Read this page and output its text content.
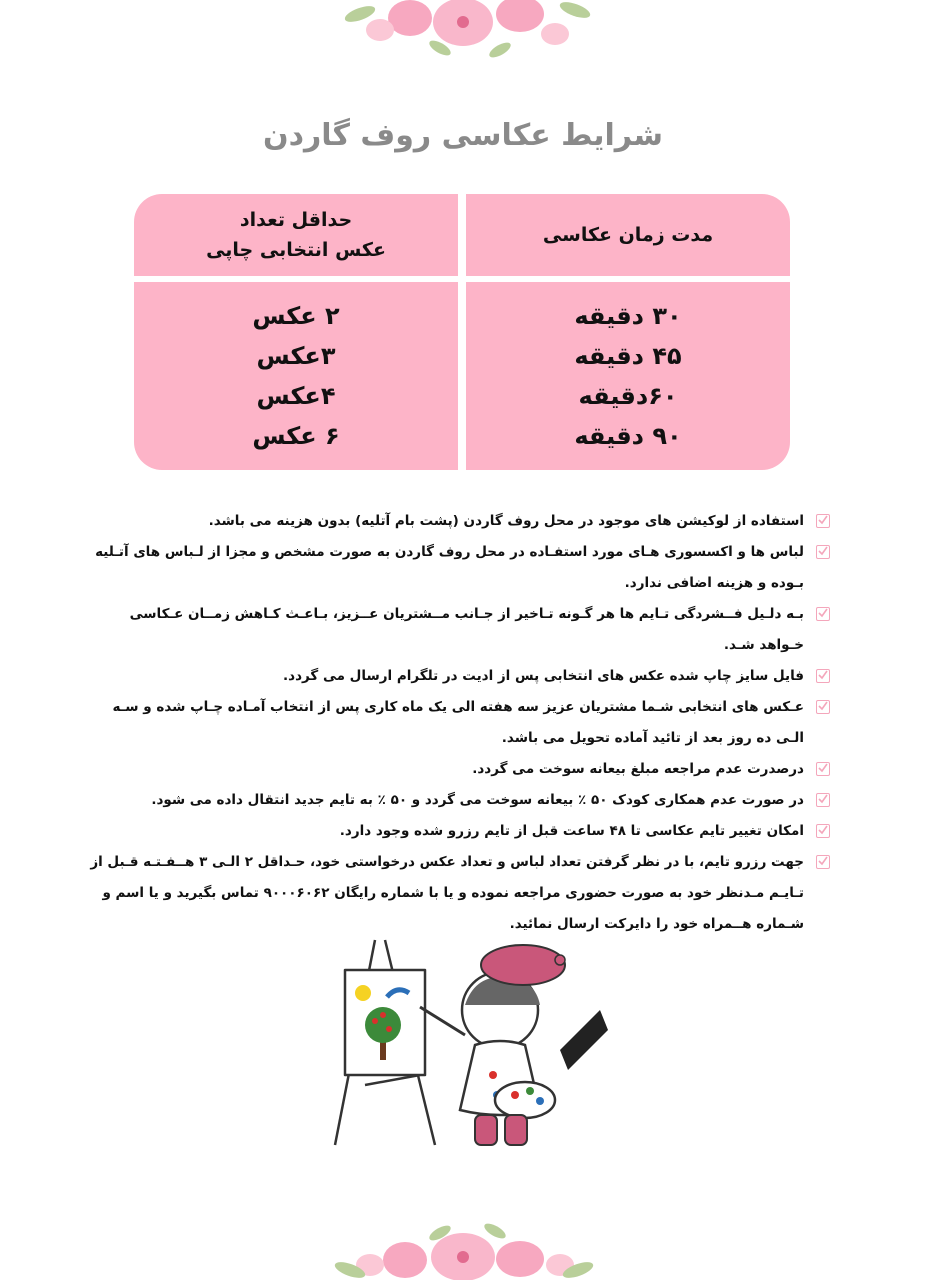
شرایط عکاسی روف گاردن
مدت زمان عکاسی
حداقل تعداد
عکس انتخابی چاپی
۳۰ دقیقه
۴۵ دقیقه
۶۰دقیقه
۹۰ دقیقه
۲ عکس
۳عکس
۴عکس
۶ عکس
استفاده از لوکیشن های موجود در محل روف گاردن (پشت بام آتلیه) بدون هزینه می باشد.
لباس ها و اکسسوری هـای مورد استفـاده در محل روف گاردن به صورت مشخص و مجزا از لـباس های آتـلیه بـوده و هزینه اضافی ندارد.
بـه دلـیل فــشردگی تـایم ها هر گـونه تـاخیر از جـانب مــشتریان عــزیز، بـاعـث کـاهش زمــان عـکاسی خـواهد شـد.
فایل سایز چاپ شده عکس های انتخابی پس از ادیت در تلگرام ارسال می گردد.
عـکس های انتخابی شـما مشتریان عزیز سه هفته الی یک ماه کاری پس از انتخاب آمـاده چـاپ شده و سـه الـی ده روز بعد از تائید آماده تحویل می باشد.
درصدرت عدم مراجعه مبلغ بیعانه سوخت می گردد.
در صورت عدم همکاری کودک ۵۰ ٪ بیعانه سوخت می گردد و ۵۰ ٪ به تایم جدید انتقال داده می شود.
امکان تغییر تایم عکاسی تا ۴۸ ساعت قبل از تایم رزرو شده وجود دارد.
جهت رزرو تایم، با در نظر گرفتن تعداد لباس و تعداد عکس درخواستی خود، حـداقل ۲ الـی ۳ هــفـتـه قـبل از تـایـم مـدنظر خود به صورت حضوری مراجعه نموده و یا با شماره رایگان ۹۰۰۰۶۰۶۲ تماس بگیرید و یا اسم و شـماره هــمراه خود را دایرکت ارسال نمائید.
